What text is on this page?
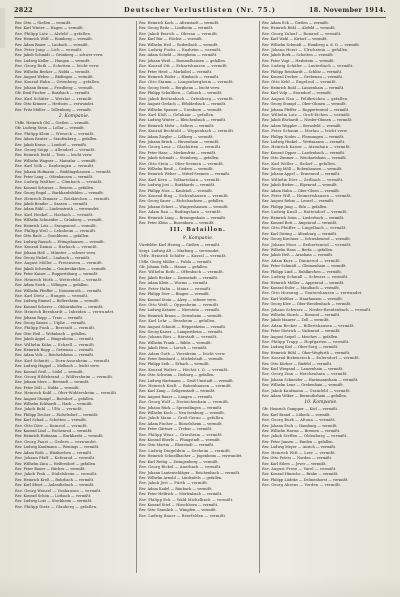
2822	Deutscher Verlustlisten (Nr. 75.)	18. November 1914.
Rsv. Otto — Gießen — vermißt.
Rsv. Karl Winter — Hagen — vermißt.
Rsv. Philipp Lutz — Alsfeld — gefallen.
Rsv. Heinrich Wolf — Homberg — vermißt.
Rsv. Adam Bauer — Laubach — vermißt.
Rsv. Peter Jung — Lich — vermißt.
Rsv. Jakob Schmidt — Grünberg — schwer verw.
Rsv. Ludwig Keller — Hungen — vermißt.
Rsv. Georg Roth — Schotten — leicht verw.
Rsv. Wilhelm Becker — Nidda — vermißt.
Rsv. August Weber — Büdingen — vermißt.
Rsv. Konrad Hahn — Ortenberg — gefallen.
Rsv. Johann Braun — Friedberg — vermißt.
Gfr. Emil Fischer — Butzbach — vermißt.
Rsv. Karl Schäfer — Wetzlar — vermißt.
Rsv. Otto Krämer — Herborn — verwundet.
Rsv. Fritz Müller — Dillenburg — vermißt.
2. Kompanie.
Utffz. Heinrich Ohl — Gießen — vermißt.
Gfr. Ludwig Stein — Lollar — vermißt.
Rsv. Philipp Klein — Wieseck — vermißt.
Rsv. Adam Reuter — Staufenberg — gefallen.
Rsv. Jakob Kraus — Londorf — vermißt.
Rsv. Georg Seipp — Allendorf — vermißt.
Rsv. Heinrich Diehl — Treis — leicht verw.
Rsv. Wilhelm Wagner — Mainzlar — vermißt.
Rsv. Karl Volk — Daubringen — vermißt.
Rsv. Johann Hofmann — Rüddingshausen — vermißt.
Rsv. Peter Lang — Odenhausen — vermißt.
Rsv. Ludwig Walther — Climbach — vermißt.
Rsv. Konrad Schwarz — Beuern — gefallen.
Rsv. Georg Engel — Burkhardsfelden — vermißt.
Rsv. Heinrich Zimmer — Reiskirchen — vermißt.
Rsv. Jakob Bender — Saasen — vermißt.
Rsv. Adam Rühl — Lindenstruth — verwundet.
Rsv. Karl Henkel — Harbach — vermißt.
Rsv. Wilhelm Schneider — Grünberg — vermißt.
Rsv. Heinrich Lotz — Stangenrod — vermißt.
Rsv. Philipp Weil — Lehnheim — vermißt.
Rsv. Otto Bach — Queckborn — gefallen.
Rsv. Ludwig Rausch — Ettingshausen — vermißt.
Rsv. Konrad Damm — Harbach — vermißt.
Rsv. Johann Heß — Münster — schwer verw.
Rsv. Georg Nickel — Laubach — vermißt.
Rsv. August Möller — Freienseen — vermißt.
Rsv. Jakob Schwalm — Gonterskirchen — vermißt.
Rsv. Peter Kaiser — Ruppertsburg — vermißt.
Rsv. Heinrich Muth — Wetterfeld — vermißt.
Rsv. Adam Stork — Villingen — gefallen.
Rsv. Wilhelm Pfeiffer — Nonnenroth — vermißt.
Rsv. Karl Dietz — Hungen — vermißt.
Rsv. Ludwig Emmel — Bellersheim — vermißt.
Rsv. Konrad Scherer — Obbornhofen — vermißt.
Rsv. Heinrich Bernhardt — Inheiden — verwundet.
Rsv. Johann Repp — Trais — vermißt.
Rsv. Georg Sames — Utphe — vermißt.
Rsv. Philipp Funk — Berstadt — vermißt.
Rsv. Otto Heil — Wohnbach — gefallen.
Rsv. Jakob Appel — Bingenheim — vermißt.
Rsv. Wilhelm Kühn — Echzell — vermißt.
Rsv. Heinrich Rupp — Gettenau — vermißt.
Rsv. Adam Volz — Reichelsheim — vermißt.
Rsv. Karl Schmitt — Dorn-Assenheim — vermißt.
Rsv. Ludwig Happel — Melbach — leicht verw.
Rsv. Konrad Geiß — Södel — vermißt.
Rsv. Georg Hildebrand — Wölfersheim — vermißt.
Rsv. Johann Merz — Berstadt — vermißt.
Rsv. Peter Döll — Nidda — vermißt.
Rsv. Heinrich Kuhl — Ober-Widdersheim — vermißt.
Rsv. August Stumpf — Borsdorf — gefallen.
Rsv. Wilhelm Eckhardt — Harb — vermißt.
Rsv. Jakob Ruhl — Ulfa — vermißt.
Rsv. Philipp Decher — Eichelsdorf — vermißt.
Rsv. Karl Schad — Schotten — vermißt.
Rsv. Otto Dörr — Rainrod — vermißt.
Rsv. Konrad Lind — Eschenrod — vermißt.
Rsv. Heinrich Hofmann — Burkhards — vermißt.
Rsv. Georg Faust — Gedern — verwundet.
Rsv. Ludwig Kaufmann — Wenings — vermißt.
Rsv. Adam Roth — Hitzkirchen — vermißt.
Rsv. Johann Pfaff — Kefenrod — vermißt.
Rsv. Wilhelm Zinn — Helfersdorf — gefallen.
Rsv. Peter Bauer — Büches — vermißt.
Rsv. Jakob Fink — Düdelsheim — vermißt.
Rsv. Heinrich Kreß — Rohrbach — vermißt.
Rsv. Karl Ebert — Aulendiebach — vermißt.
Rsv. Georg Wenzel — Vonhausen — vermißt.
Rsv. Konrad Schön — Lorbach — vermißt.
Rsv. Ludwig Lotz — Stockheim — vermißt.
Rsv. Philipp Dietz — Glauberg — gefallen.
Rsv. Heinrich Koch — Altenstadt — vermißt.
Rsv. Georg Reitz — Lindheim — vermißt.
Rsv. Jakob Emrich — Oberau — vermißt.
Rsv. Karl Bär — Höchst — vermißt.
Rsv. Wilhelm Heil — Rodenbach — vermißt.
Rsv. Ludwig Fuchs — Enzheim — vermißt.
Rsv. Adam Scheld — Heegheim — vermißt.
Rsv. Johann Weiß — Rommelhausen — gefallen.
Rsv. Konrad Ott — Eckartshausen — vermißt.
Rsv. Peter Herd — Marköbel — vermißt.
Rsv. Heinrich Röder — Himbach — vermißt.
Rsv. Otto Stamm — Langenbergheim — vermißt.
Rsv. Georg Neeb — Bergheim — leicht verw.
Rsv. Philipp Schultheis — Calbach — vermißt.
Rsv. Jakob Breitenbach — Ortenberg — vermißt.
Rsv. August Gerlach — Effolderbach — vermißt.
Rsv. Wilhelm Spamer — Usenborn — vermißt.
Rsv. Karl Klöß — Gelnhaar — gefallen.
Rsv. Ludwig Winter — Bleichenbach — vermißt.
Rsv. Heinrich Mohr — Selters — vermißt.
Rsv. Konrad Bechtold — Wippenbach — vermißt.
Rsv. Adam Ziegler — Lißberg — vermißt.
Rsv. Johann Brück — Hirzenhain — vermißt.
Rsv. Georg Lenz — Glashütten — vermißt.
Rsv. Peter Haas — Merkenfritz — vermißt.
Rsv. Jakob Schmidt — Steinberg — gefallen.
Rsv. Otto Stein — Ober-Seemen — vermißt.
Rsv. Wilhelm Reuß — Gedern — vermißt.
Rsv. Heinrich Weber — Mittel-Seemen — vermißt.
Rsv. Karl Kern — Volkartshain — vermißt.
Rsv. Ludwig Jost — Burkhards — vermißt.
Rsv. Philipp Nies — Kaulstoß — vermißt.
Rsv. Konrad Bing — Sichenhausen — vermißt.
Rsv. Georg Sauer — Eichelsachsen — gefallen.
Rsv. Johann Eckert — Wingershausen — vermißt.
Rsv. Adam Rau — Rudingshain — vermißt.
Rsv. Heinrich Lang — Breungeshain — vermißt.
Rsv. Peter Klein — Busenborn — vermißt.
III. Bataillon.
9. Kompanie.
Vizefeldw. Karl Hering — Gießen — vermißt.
Sergt. Ludwig Alt — Marburg — verwundet.
Utffz. Heinrich Schäfer — Kassel — vermißt.
Utffz. Georg Müller — Fulda — vermißt.
Gfr. Johann Volk — Hanau — gefallen.
Rsv. Wilhelm Roth — Offenbach — vermißt.
Rsv. Jakob Becker — Darmstadt — vermißt.
Rsv. Adam Klein — Worms — vermißt.
Rsv. Peter Hahn — Mainz — vermißt.
Rsv. Philipp Dörr — Bingen — vermißt.
Rsv. Konrad Stein — Alzey — schwer verw.
Rsv. Otto Weiß — Oppenheim — vermißt.
Rsv. Ludwig Krämer — Nierstein — vermißt.
Rsv. Heinrich Braun — Gernsheim — vermißt.
Rsv. Karl Lehr — Bensheim — gefallen.
Rsv. August Schmitt — Heppenheim — vermißt.
Rsv. Georg Kaiser — Lampertheim — vermißt.
Rsv. Johann Ries — Bürstadt — vermißt.
Rsv. Wilhelm Frank — Biblis — vermißt.
Rsv. Jakob Hess — Lorsch — vermißt.
Rsv. Adam Guth — Viernheim — leicht verw.
Rsv. Peter Reinhard — Michelstadt — vermißt.
Rsv. Philipp Seib — Erbach — vermißt.
Rsv. Konrad Walter — Höchst i. O. — vermißt.
Rsv. Otto Schwinn — Dieburg — gefallen.
Rsv. Ludwig Hartmann — Groß-Umstadt — vermißt.
Rsv. Heinrich Kraft — Babenhausen — vermißt.
Rsv. Karl Zang — Seligenstadt — vermißt.
Rsv. August Bauer — Langen — vermißt.
Rsv. Georg Wolf — Dreieichenhain — vermißt.
Rsv. Johann Rück — Sprendlingen — vermißt.
Rsv. Wilhelm Koch — Neu-Isenburg — vermißt.
Rsv. Jakob Mann — Groß-Gerau — gefallen.
Rsv. Adam Fischer — Rüsselsheim — vermißt.
Rsv. Peter Gärtner — Trebur — vermißt.
Rsv. Philipp Wenz — Griesheim — vermißt.
Rsv. Konrad Eberle — Pfungstadt — vermißt.
Rsv. Otto Martin — Eberstadt — vermißt.
Rsv. Ludwig Dingeldein — Seeheim — vermißt.
Rsv. Heinrich Schnellbacher — Jugenheim — verwundet.
Rsv. Karl Rettig — Zwingenberg — vermißt.
Rsv. Georg Bickel — Auerbach — vermißt.
Rsv. Johann Lautenschläger — Reichenbach — vermißt.
Rsv. Wilhelm Arnold — Lindenfels — gefallen.
Rsv. Jakob Jöst — Fürth — vermißt.
Rsv. Adam Kadel — Rimbach — vermißt.
Rsv. Peter Helfrich — Mörlenbach — vermißt.
Rsv. Philipp Eck — Wald-Michelbach — vermißt.
Rsv. Konrad Stief — Hirschhorn — vermißt.
Rsv. Otto Gramlich — Wimpfen — vermißt.
Rsv. Ludwig Bauer — Beerfelden — vermißt.
Rsv. Adam Eck — Gießen — vermißt.
Rsv. Heinrich Rühl — Alsfeld — vermißt.
Rsv. Georg Zulauf — Romrod — vermißt.
Rsv. Karl Wahl — Kirtorf — vermißt.
Rsv. Wilhelm Schmidt — Homberg a. d. O. — vermißt.
Rsv. Johann Horst — Ulrichstein — gefallen.
Rsv. Jakob Bork — Schotten — vermißt.
Rsv. Peter Vogt — Herbstein — vermißt.
Rsv. Ludwig Schäfer — Lauterbach — vermißt.
Rsv. Philipp Reinhardt — Schlitz — vermißt.
Rsv. Konrad Decher — Grebenau — vermißt.
Rsv. Otto Kehl — Engelrod — vermißt.
Rsv. Heinrich Ruhl — Lanzenhain — vermißt.
Rsv. Karl Volp — Storndorf — vermißt.
Rsv. August Nau — Feldkrücken — gefallen.
Rsv. Georg Stumpf — Ober-Ohmen — vermißt.
Rsv. Johann Pfeffer — Ruppertenrod — vermißt.
Rsv. Wilhelm Lotz — Groß-Eichen — vermißt.
Rsv. Jakob Ehrhardt — Nieder-Ohmen — vermißt.
Rsv. Adam Weppler — Bernsfeld — vermißt.
Rsv. Peter Schaum — Merlau — leicht verw.
Rsv. Philipp Nodes — Flensungen — vermißt.
Rsv. Ludwig Hinkel — Wettsaasen — vermißt.
Rsv. Heinrich Kaiser — Atzenhain — vermißt.
Rsv. Konrad Opper — Lardenbach — vermißt.
Rsv. Otto Zimmer — Weickartshain — vermißt.
Rsv. Karl Weller — Ilsdorf — gefallen.
Rsv. Georg Möll — Bobenhausen — vermißt.
Rsv. Johann Appel — Ermenrod — vermißt.
Rsv. Wilhelm Dörr — Zeilbach — vermißt.
Rsv. Jakob Bieber — Elpenrod — vermißt.
Rsv. Adam Hahn — Ober-Gleen — vermißt.
Rsv. Peter Will — Heimertshausen — vermißt.
Rsv. August Rehm — Leusel — vermißt.
Rsv. Philipp Jung — Eifa — gefallen.
Rsv. Ludwig Knoll — Hattendorf — vermißt.
Rsv. Heinrich Seim — Liederbach — vermißt.
Rsv. Konrad Bott — Angenrod — vermißt.
Rsv. Otto Pfeiffer — Lingelbach — vermißt.
Rsv. Karl Döring — Altenburg — vermißt.
Rsv. Georg Kirchner — Schwabenrod — vermißt.
Rsv. Johann Moos — Reibertenrod — vermißt.
Rsv. Wilhelm Haas — Berfa — gefallen.
Rsv. Jakob Heß — Arnshain — vermißt.
Rsv. Adam Kurz — Dannerod — vermißt.
Rsv. Peter Schmidt — Gleimenhain — vermißt.
Rsv. Philipp Lind — Ruhlkirchen — vermißt.
Rsv. Ludwig Schmall — Schwarz — vermißt.
Rsv. Heinrich Möller — Appenrod — vermißt.
Rsv. Konrad Euler — Maulbach — vermißt.
Rsv. Otto Hornung — Gontershausen — verwundet.
Rsv. Karl Walther — Haarhausen — vermißt.
Rsv. Georg Klee — Ober-Breidenbach — vermißt.
Rsv. Johann Schwarz — Nieder-Breidenbach — vermißt.
Rsv. Wilhelm Storch — Romrod — vermißt.
Rsv. Jakob Maurer — Zell — vermißt.
Rsv. Adam Becker — Billertshausen — vermißt.
Rsv. Peter Dietrich — Vadenrod — vermißt.
Rsv. August Seipel — Meiches — gefallen.
Rsv. Philipp Trapp — Hopfgarten — vermißt.
Rsv. Ludwig Kiel — Ober-Sorg — vermißt.
Rsv. Heinrich Rühl — Ober-Wegfurth — vermißt.
Rsv. Konrad Birkenstock — Eulersdorf — vermißt.
Rsv. Otto Körber — Rixfeld — vermißt.
Rsv. Karl Wiegand — Lanzenhain — vermißt.
Rsv. Georg Zinn — Herchenhain — vermißt.
Rsv. Johann Schneider — Hartmannshain — vermißt.
Rsv. Wilhelm Lenz — Grebenhain — vermißt.
Rsv. Jakob Kaufmann — Crainfeld — vermißt.
Rsv. Adam Völker — Bermuthshain — gefallen.
10. Kompanie.
Gfr. Heinrich Gompper — Kiel — vermißt.
Rsv. Karl Brand — Lübeck — vermißt.
Rsv. Georg Burk — Altona — vermißt.
Rsv. Johann Esch — Hamburg — vermißt.
Rsv. Wilhelm Harms — Bremen — vermißt.
Rsv. Jakob Steffen — Oldenburg — vermißt.
Rsv. Peter Jansen — Emden — gefallen.
Rsv. Ludwig Meyer — Aurich — vermißt.
Rsv. Heinrich Witt — Leer — vermißt.
Rsv. Otto Peters — Norden — vermißt.
Rsv. Karl Eilers — Jever — vermißt.
Rsv. August Frese — Varel — vermißt.
Rsv. Konrad Hinrichs — Brake — vermißt.
Rsv. Philipp Lüdeke — Delmenhorst — vermißt.
Rsv. Georg Ahrens — Verden — vermißt.
